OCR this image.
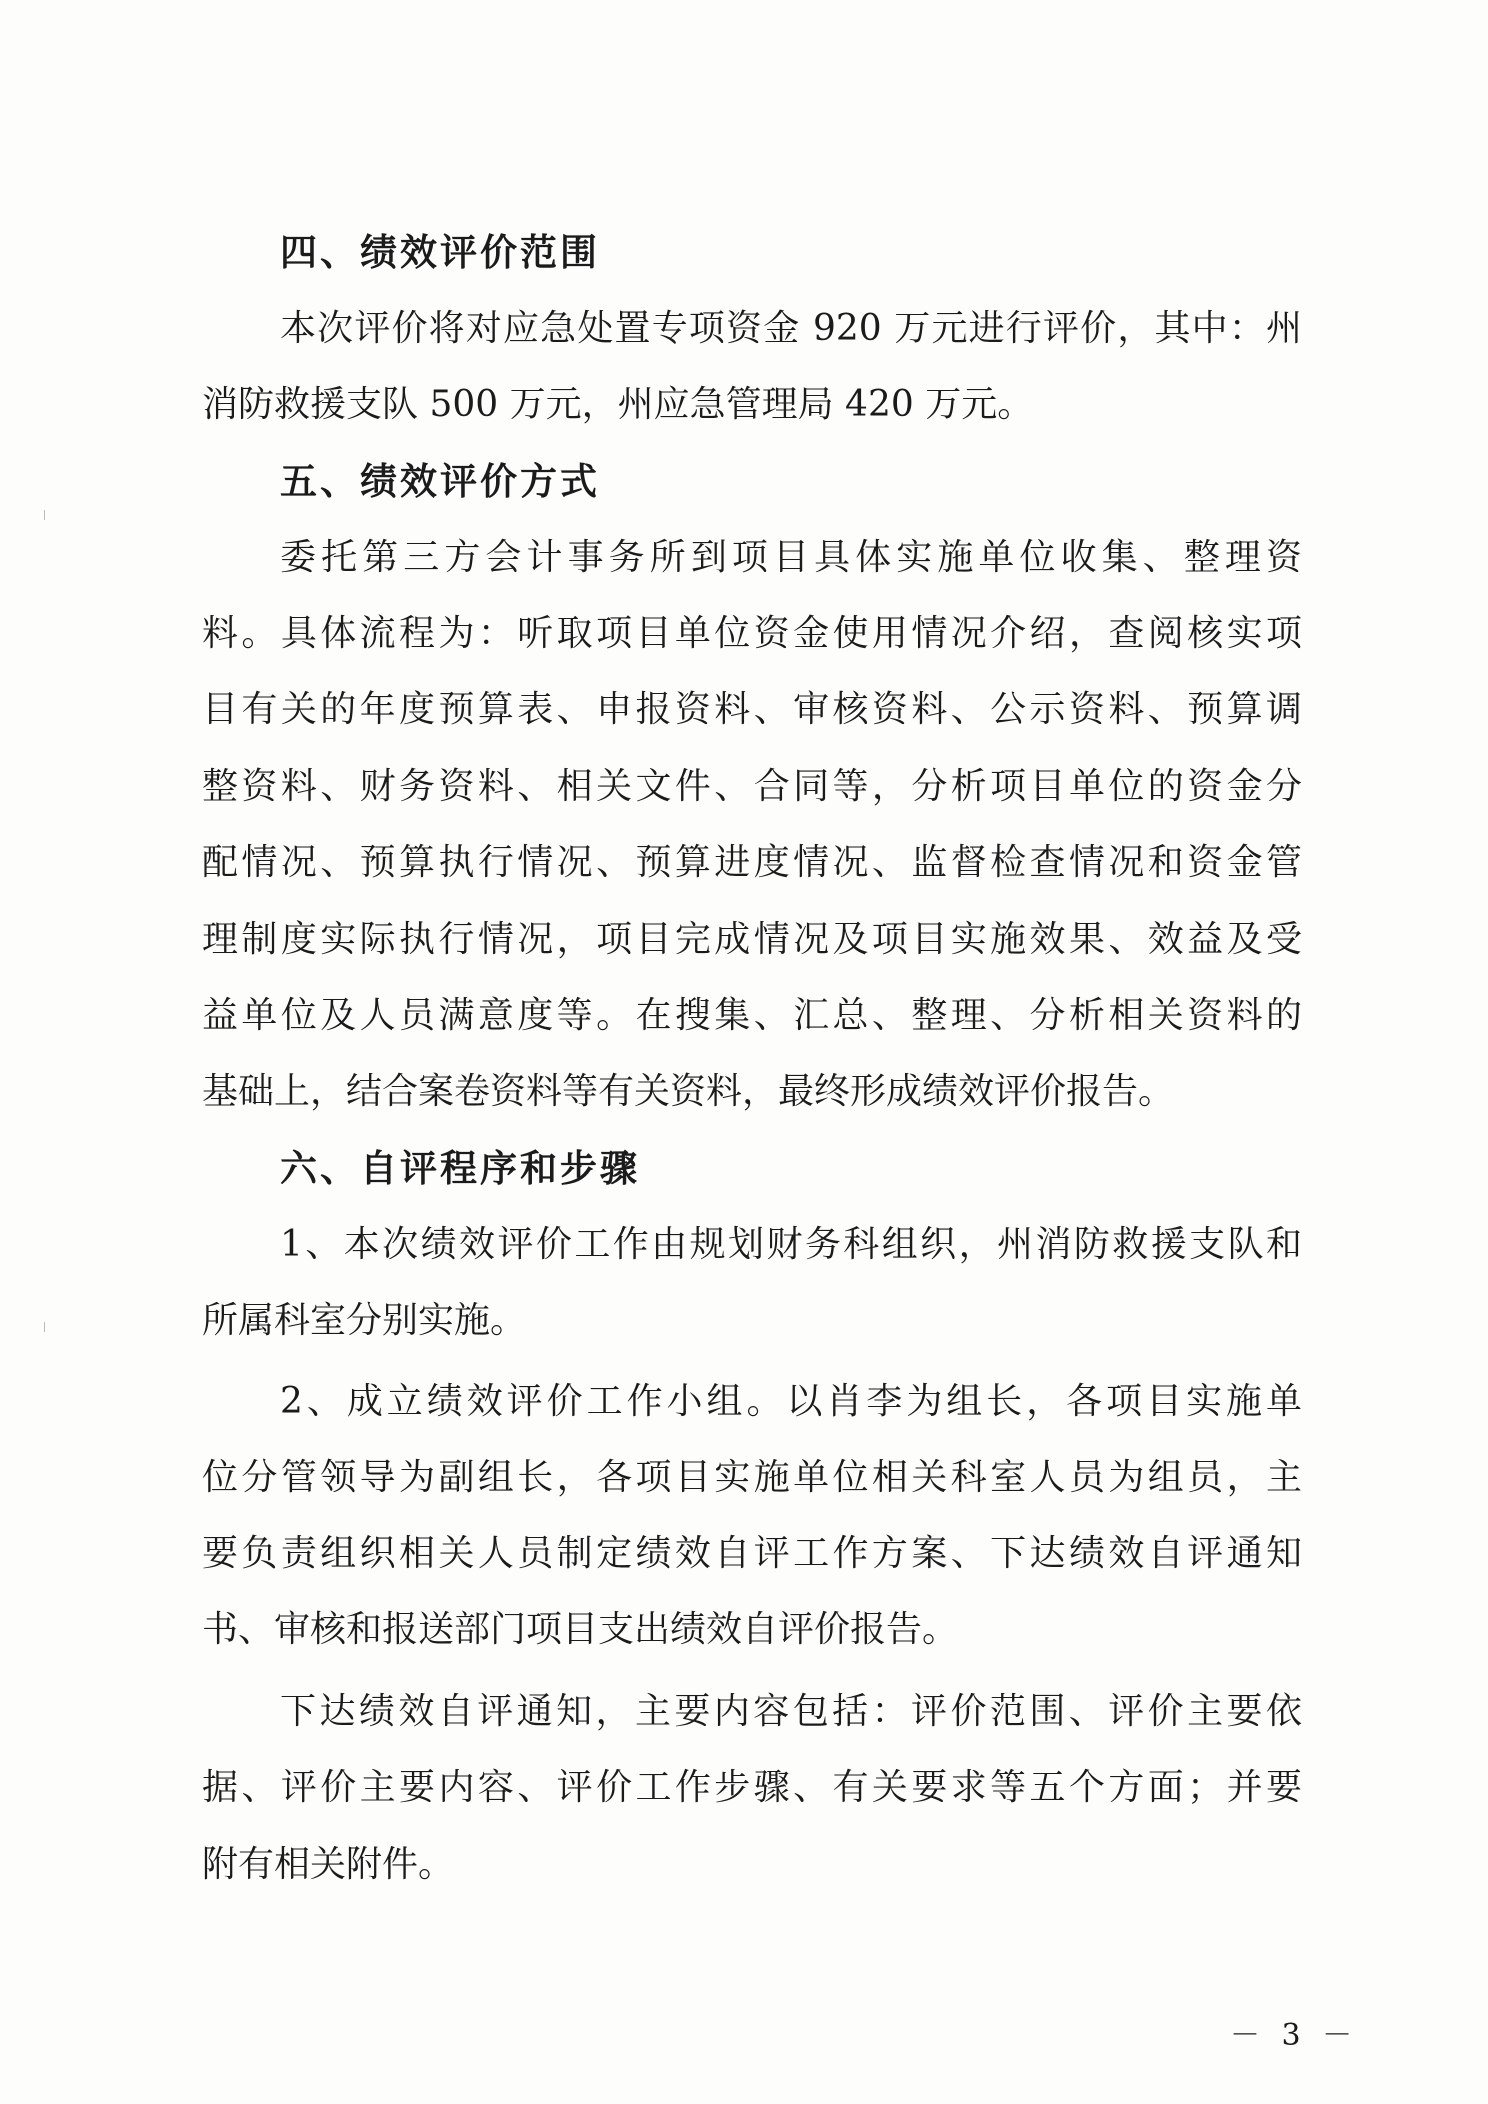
四、绩效评价范围
本次评价将对应急处置专项资金 920 万元进行评价，其中：州
消防救援支队 500 万元，州应急管理局 420 万元。
五、绩效评价方式
委托第三方会计事务所到项目具体实施单位收集、整理资
料。具体流程为：听取项目单位资金使用情况介绍，查阅核实项
目有关的年度预算表、申报资料、审核资料、公示资料、预算调
整资料、财务资料、相关文件、合同等，分析项目单位的资金分
配情况、预算执行情况、预算进度情况、监督检查情况和资金管
理制度实际执行情况，项目完成情况及项目实施效果、效益及受
益单位及人员满意度等。在搜集、汇总、整理、分析相关资料的
基础上，结合案卷资料等有关资料，最终形成绩效评价报告。
六、自评程序和步骤
1、本次绩效评价工作由规划财务科组织，州消防救援支队和
所属科室分别实施。
2、成立绩效评价工作小组。以肖李为组长，各项目实施单
位分管领导为副组长，各项目实施单位相关科室人员为组员，主
要负责组织相关人员制定绩效自评工作方案、下达绩效自评通知
书、审核和报送部门项目支出绩效自评价报告。
下达绩效自评通知，主要内容包括：评价范围、评价主要依
据、评价主要内容、评价工作步骤、有关要求等五个方面；并要
附有相关附件。
－ 3 －
